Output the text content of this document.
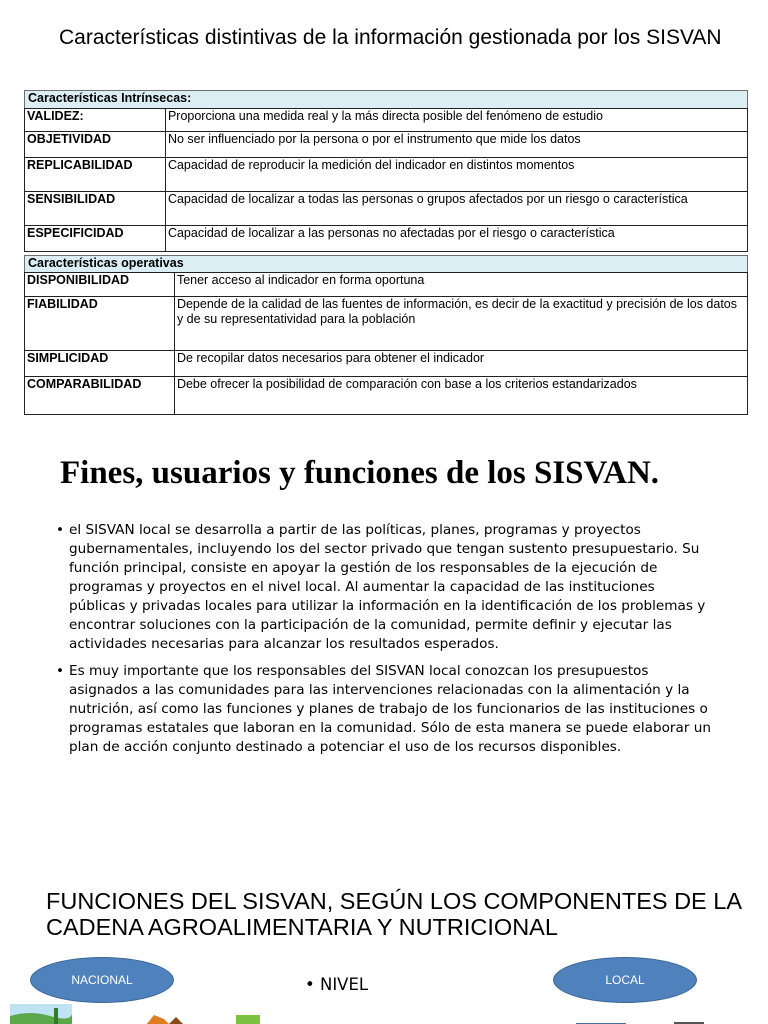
Características distintivas de la información gestionada por los SISVAN
Características Intrínsecas:
VALIDEZ:	Proporciona una medida real y la más directa posible del fenómeno de estudio
OBJETIVIDAD	No ser influenciado por la persona o por el instrumento que mide los datos
REPLICABILIDAD	Capacidad de reproducir la medición del indicador en distintos momentos
SENSIBILIDAD	Capacidad de localizar a todas las personas o grupos afectados por un riesgo o característica
ESPECIFICIDAD	Capacidad de localizar a las personas no afectadas por el riesgo o característica
Características operativas
DISPONIBILIDAD	Tener acceso al indicador en forma oportuna
FIABILIDAD	Depende de la calidad de las fuentes de información, es decir de la exactitud y precisión de los datos y de su representatividad para la población
SIMPLICIDAD	De recopilar datos necesarios para obtener el indicador
COMPARABILIDAD	Debe ofrecer la posibilidad de comparación con base a los criterios estandarizados
Fines, usuarios y funciones de los SISVAN.
• el SISVAN local se desarrolla a partir de las políticas, planes, programas y proyectos gubernamentales, incluyendo los del sector privado que tengan sustento presupuestario. Su función principal, consiste en apoyar la gestión de los responsables de la ejecución de programas y proyectos en el nivel local. Al aumentar la capacidad de las instituciones públicas y privadas locales para utilizar la información en la identificación de los problemas y encontrar soluciones con la participación de la comunidad, permite definir y ejecutar las actividades necesarias para alcanzar los resultados esperados.
• Es muy importante que los responsables del SISVAN local conozcan los presupuestos asignados a las comunidades para las intervenciones relacionadas con la alimentación y la nutrición, así como las funciones y planes de trabajo de los funcionarios de las instituciones o programas estatales que laboran en la comunidad. Sólo de esta manera se puede elaborar un plan de acción conjunto destinado a potenciar el uso de los recursos disponibles.
FUNCIONES DEL SISVAN, SEGÚN LOS COMPONENTES DE LA CADENA AGROALIMENTARIA Y NUTRICIONAL
NACIONAL	• NIVEL	LOCAL
